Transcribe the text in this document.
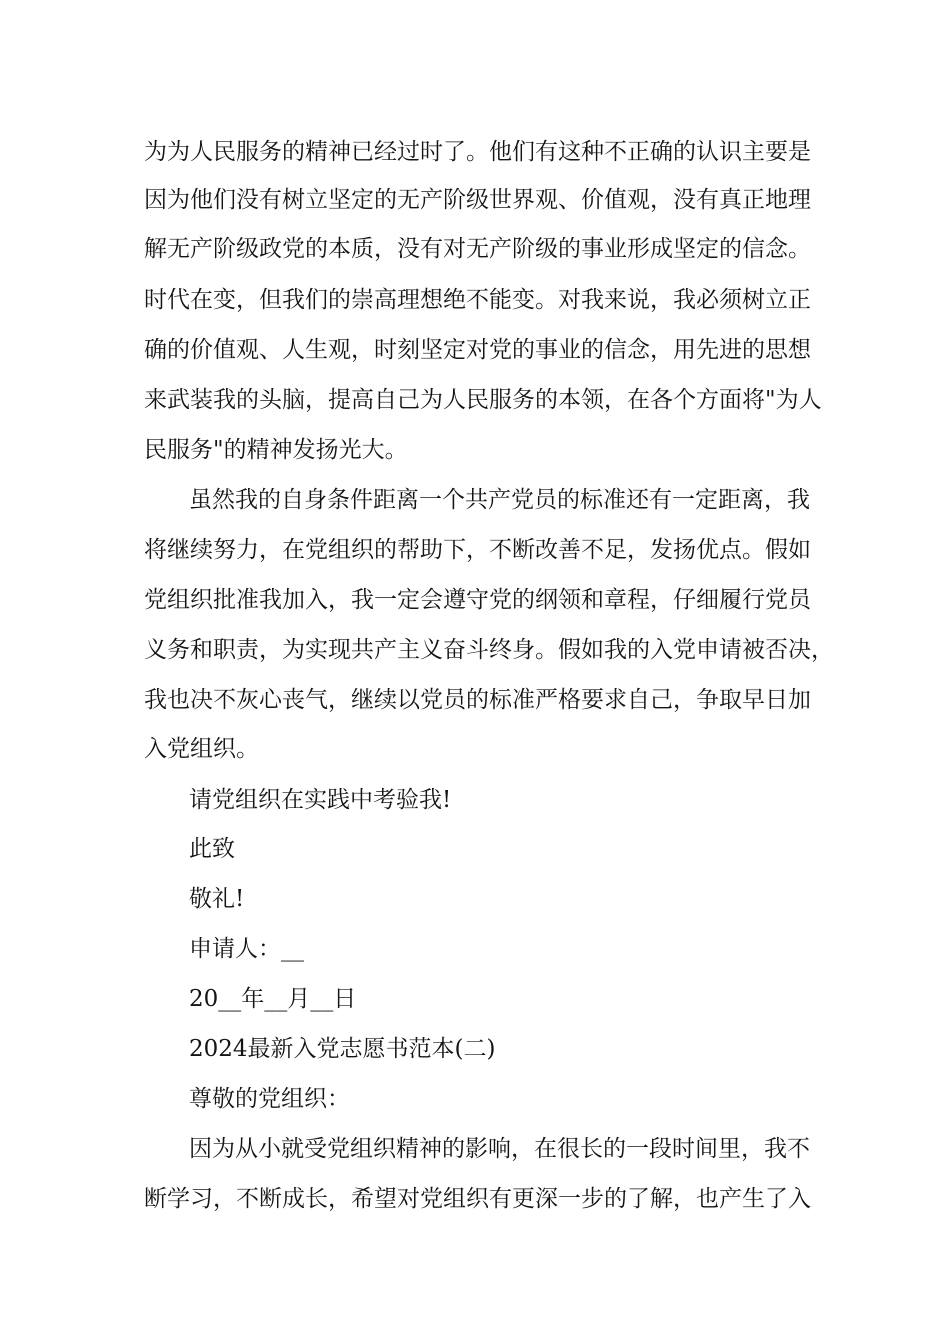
为为人民服务的精神已经过时了。他们有这种不正确的认识主要是
因为他们没有树立坚定的无产阶级世界观、价值观，没有真正地理
解无产阶级政党的本质，没有对无产阶级的事业形成坚定的信念。
时代在变，但我们的崇高理想绝不能变。对我来说，我必须树立正
确的价值观、人生观，时刻坚定对党的事业的信念，用先进的思想
来武装我的头脑，提高自己为人民服务的本领，在各个方面将"为人
民服务"的精神发扬光大。
虽然我的自身条件距离一个共产党员的标准还有一定距离，我
将继续努力，在党组织的帮助下，不断改善不足，发扬优点。假如
党组织批准我加入，我一定会遵守党的纲领和章程，仔细履行党员
义务和职责，为实现共产主义奋斗终身。假如我的入党申请被否决，
我也决不灰心丧气，继续以党员的标准严格要求自己，争取早日加
入党组织。
请党组织在实践中考验我!
此致
敬礼!
申请人：__
20__年__月__日
2024最新入党志愿书范本(二)
尊敬的党组织：
因为从小就受党组织精神的影响，在很长的一段时间里，我不
断学习，不断成长，希望对党组织有更深一步的了解，也产生了入
